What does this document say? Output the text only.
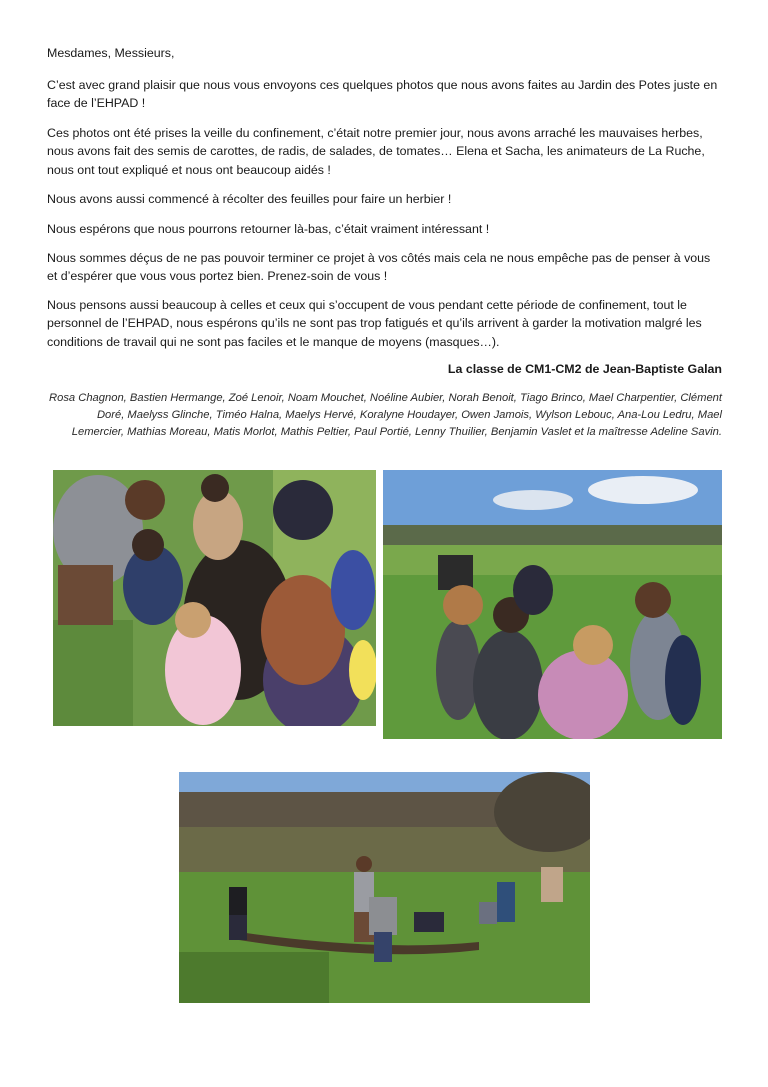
Mesdames, Messieurs,

C’est avec grand plaisir que nous vous envoyons ces quelques photos que nous avons faites au Jardin des Potes juste en face de l’EHPAD !

Ces photos ont été prises la veille du confinement, c’était notre premier jour, nous avons arraché les mauvaises herbes, nous avons fait des semis de carottes, de radis, de salades, de tomates… Elena et Sacha, les animateurs de La Ruche, nous ont tout expliqué et nous ont beaucoup aidés !

Nous avons aussi commencé à récolter des feuilles pour faire un herbier !

Nous espérons que nous pourrons retourner là-bas, c’était vraiment intéressant !

Nous sommes déçus de ne pas pouvoir terminer ce projet à vos côtés mais cela ne nous empêche pas de penser à vous et d’espérer que vous vous portez bien. Prenez-soin de vous !

Nous pensons aussi beaucoup à celles et ceux qui s’occupent de vous pendant cette période de confinement, tout le personnel de l’EHPAD, nous espérons qu’ils ne sont pas trop fatigués et qu’ils arrivent à garder la motivation malgré les conditions de travail qui ne sont pas faciles et le manque de moyens (masques…).

La classe de CM1-CM2 de Jean-Baptiste Galan
Rosa Chagnon, Bastien Hermange, Zoé Lenoir, Noam Mouchet, Noéline Aubier, Norah Benoit, Tiago Brinco, Mael Charpentier, Clément Doré, Maelyss Glinche, Timéo Halna, Maelys Hervé, Koralyne Houdayer, Owen Jamois, Wylson Lebouc, Ana-Lou Ledru, Mael Lemercier, Mathias Moreau, Matis Morlot, Mathis Peltier, Paul Portié, Lenny Thuilier, Benjamin Vaslet et la maîtresse Adeline Savin.
